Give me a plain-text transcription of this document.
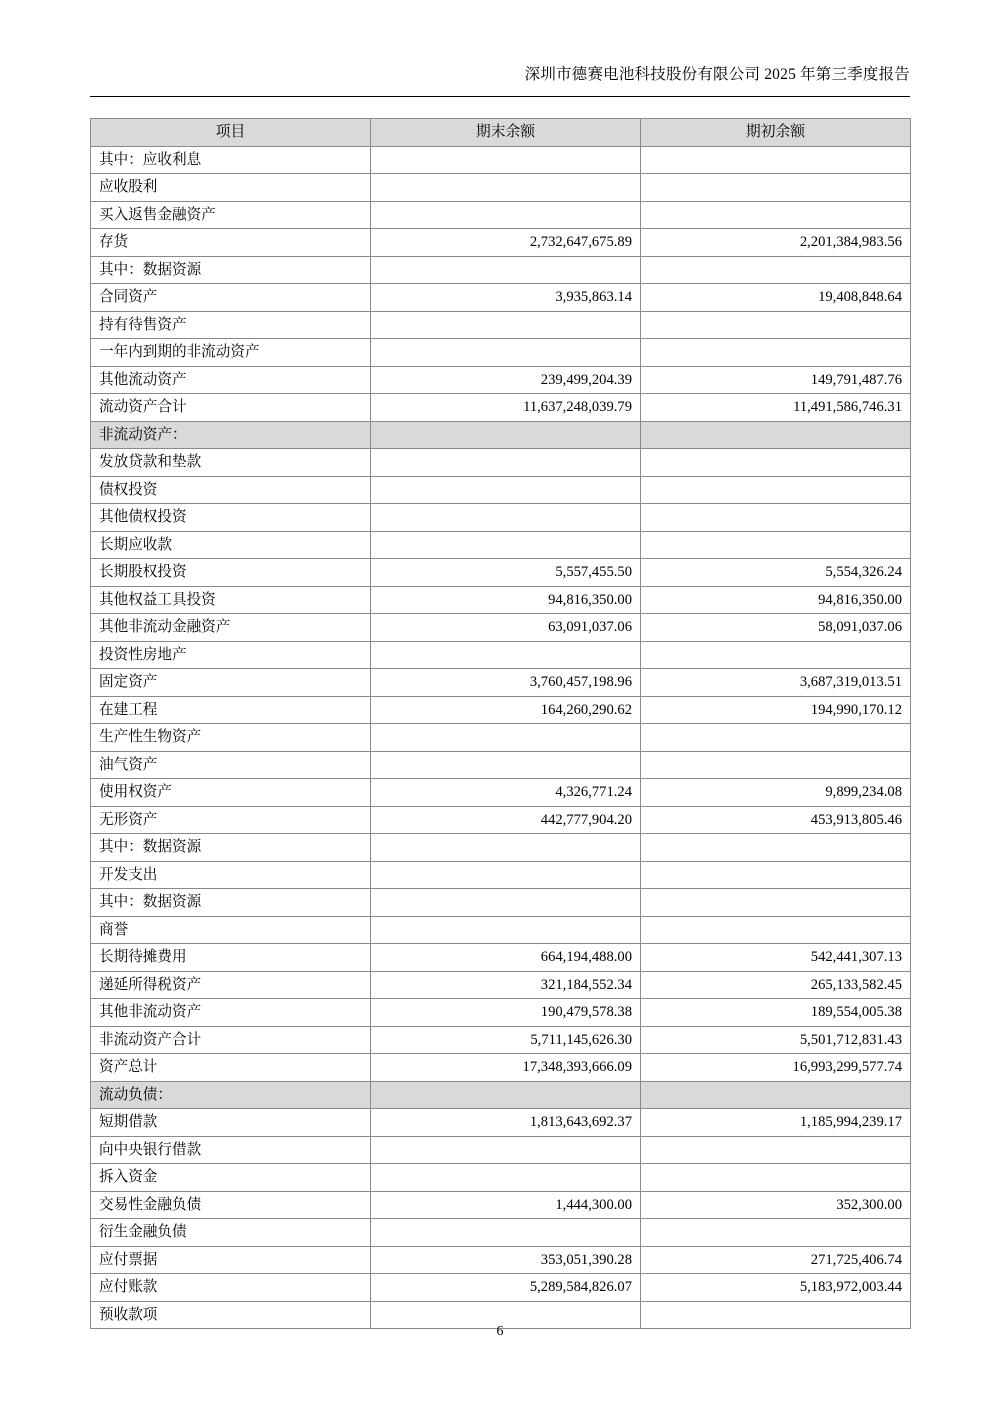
深圳市德赛电池科技股份有限公司 2025 年第三季度报告
项目	期末余额	期初余额
其中：应收利息		
应收股利		
买入返售金融资产		
存货	2,732,647,675.89	2,201,384,983.56
其中：数据资源		
合同资产	3,935,863.14	19,408,848.64
持有待售资产		
一年内到期的非流动资产		
其他流动资产	239,499,204.39	149,791,487.76
流动资产合计	11,637,248,039.79	11,491,586,746.31
非流动资产：		
发放贷款和垫款		
债权投资		
其他债权投资		
长期应收款		
长期股权投资	5,557,455.50	5,554,326.24
其他权益工具投资	94,816,350.00	94,816,350.00
其他非流动金融资产	63,091,037.06	58,091,037.06
投资性房地产		
固定资产	3,760,457,198.96	3,687,319,013.51
在建工程	164,260,290.62	194,990,170.12
生产性生物资产		
油气资产		
使用权资产	4,326,771.24	9,899,234.08
无形资产	442,777,904.20	453,913,805.46
其中：数据资源		
开发支出		
其中：数据资源		
商誉		
长期待摊费用	664,194,488.00	542,441,307.13
递延所得税资产	321,184,552.34	265,133,582.45
其他非流动资产	190,479,578.38	189,554,005.38
非流动资产合计	5,711,145,626.30	5,501,712,831.43
资产总计	17,348,393,666.09	16,993,299,577.74
流动负债：		
短期借款	1,813,643,692.37	1,185,994,239.17
向中央银行借款		
拆入资金		
交易性金融负债	1,444,300.00	352,300.00
衍生金融负债		
应付票据	353,051,390.28	271,725,406.74
应付账款	5,289,584,826.07	5,183,972,003.44
预收款项		
6
